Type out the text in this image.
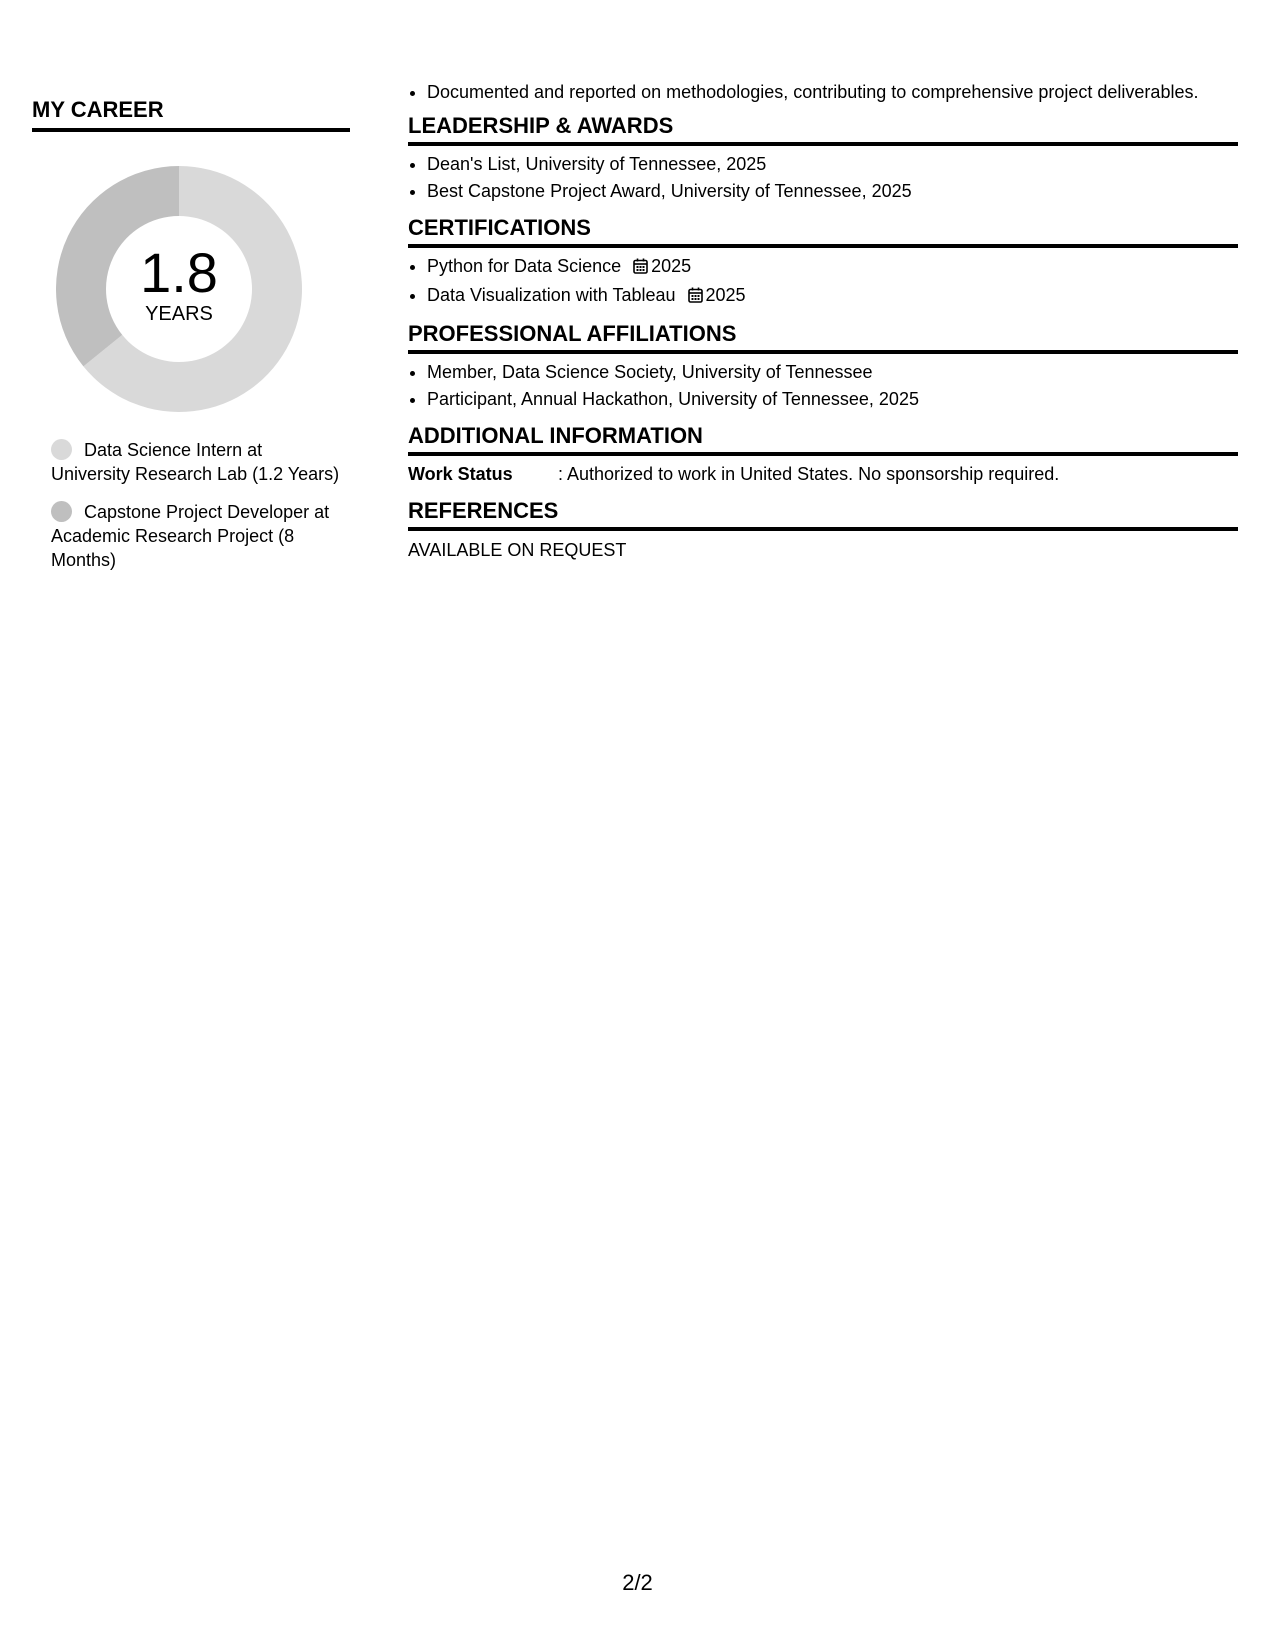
MY CAREER
1.8
YEARS
Data Science Intern at University Research Lab (1.2 Years)
Capstone Project Developer at Academic Research Project (8 Months)
• Documented and reported on methodologies, contributing to comprehensive project deliverables.
LEADERSHIP & AWARDS
• Dean's List, University of Tennessee, 2025
• Best Capstone Project Award, University of Tennessee, 2025
CERTIFICATIONS
• Python for Data Science 2025
• Data Visualization with Tableau 2025
PROFESSIONAL AFFILIATIONS
• Member, Data Science Society, University of Tennessee
• Participant, Annual Hackathon, University of Tennessee, 2025
ADDITIONAL INFORMATION
Work Status	: Authorized to work in United States. No sponsorship required.
REFERENCES
AVAILABLE ON REQUEST
2/2
